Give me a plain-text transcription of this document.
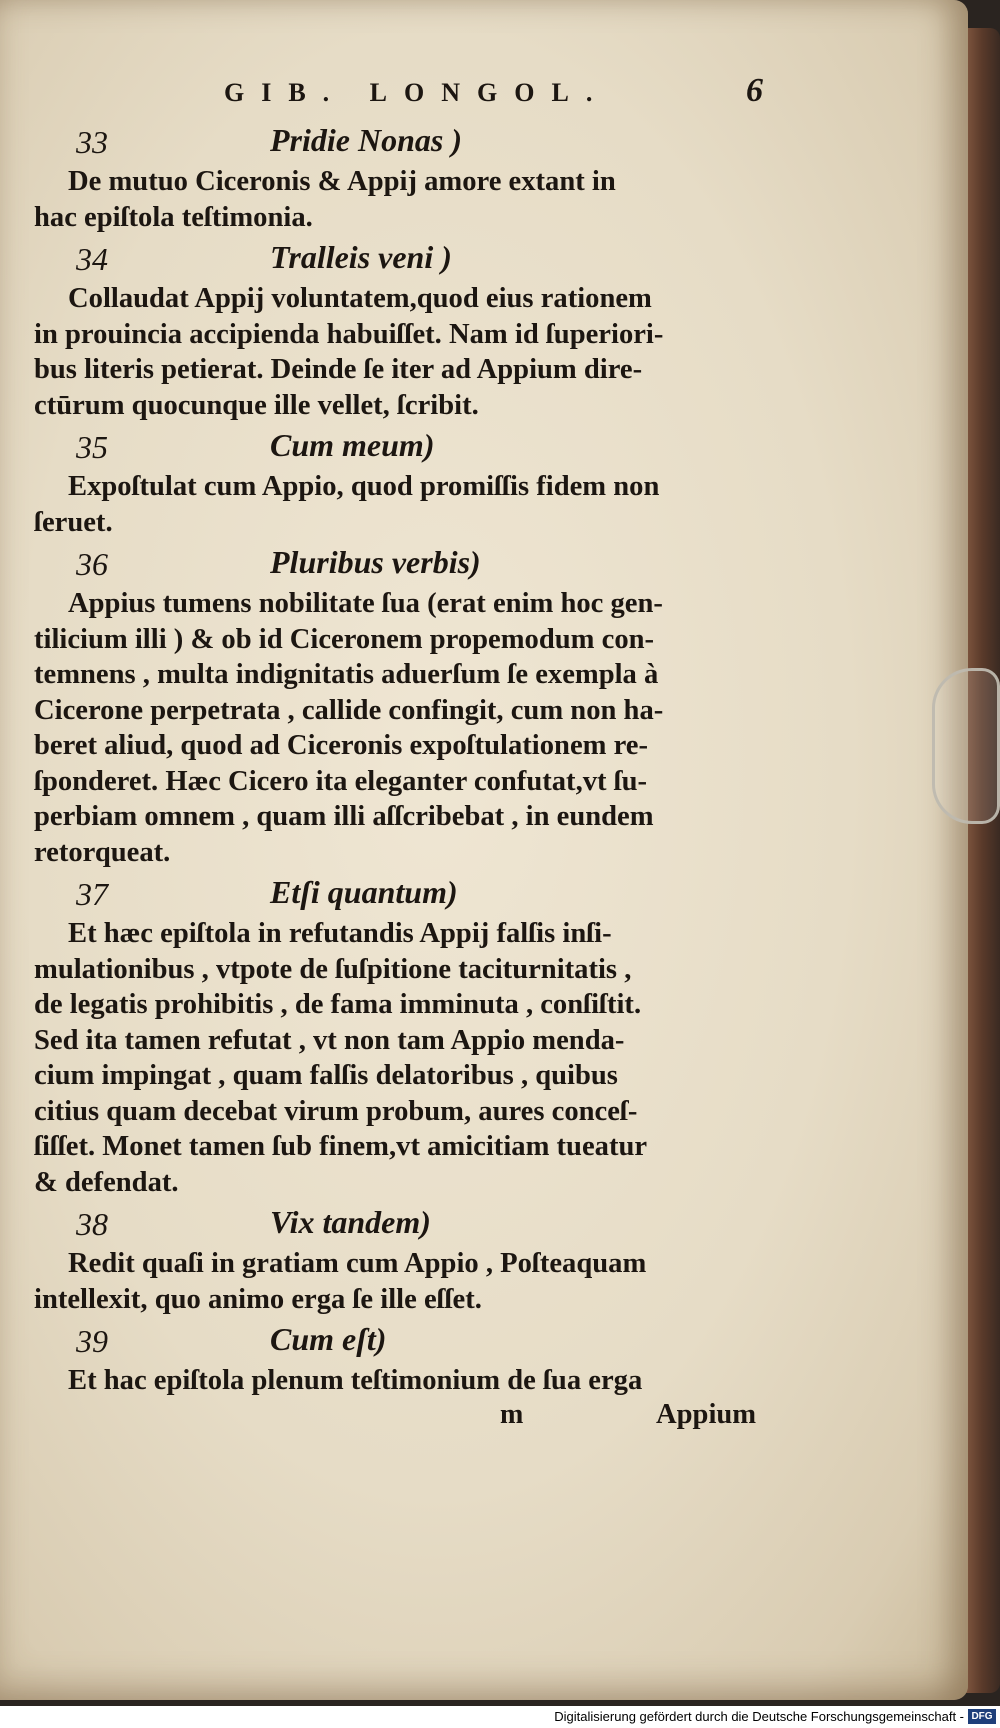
GIB. LONGOL.	6
33	Pridie Nonas )

De mutuo Ciceronis & Appij amore extant in
hac epiſtola teſtimonia.

34	Tralleis veni )

Collaudat Appij voluntatem,quod eius rationem
in prouincia accipienda habuiſſet. Nam id ſuperiori-
bus literis petierat. Deinde ſe iter ad Appium dire-
ctūrum quocunque ille vellet, ſcribit.

35	Cum meum)

Expoſtulat cum Appio, quod promiſſis fidem non
ſeruet.

36	Pluribus verbis)

Appius tumens nobilitate ſua (erat enim hoc gen-
tilicium illi ) & ob id Ciceronem propemodum con-
temnens , multa indignitatis aduerſum ſe exempla à
Cicerone perpetrata , callide confingit, cum non ha-
beret aliud, quod ad Ciceronis expoſtulationem re-
ſponderet. Hæc Cicero ita eleganter confutat,vt ſu-
perbiam omnem , quam illi aſſcribebat , in eundem
retorqueat.

37	Etſi quantum)

Et hæc epiſtola in refutandis Appij falſis inſi-
mulationibus , vtpote de ſuſpitione taciturnitatis ,
de legatis prohibitis , de fama imminuta , conſiſtit.
Sed ita tamen refutat , vt non tam Appio menda-
cium impingat , quam falſis delatoribus , quibus
citius quam decebat virum probum, aures conceſ-
ſiſſet. Monet tamen ſub finem,vt amicitiam tueatur
& defendat.

38	Vix tandem)

Redit quaſi in gratiam cum Appio , Poſteaquam
intellexit, quo animo erga ſe ille eſſet.

39	Cum eſt)

Et hac epiſtola plenum teſtimonium de ſua erga

m	Appium
Digitalisierung gefördert durch die Deutsche Forschungsgemeinschaft - DFG
